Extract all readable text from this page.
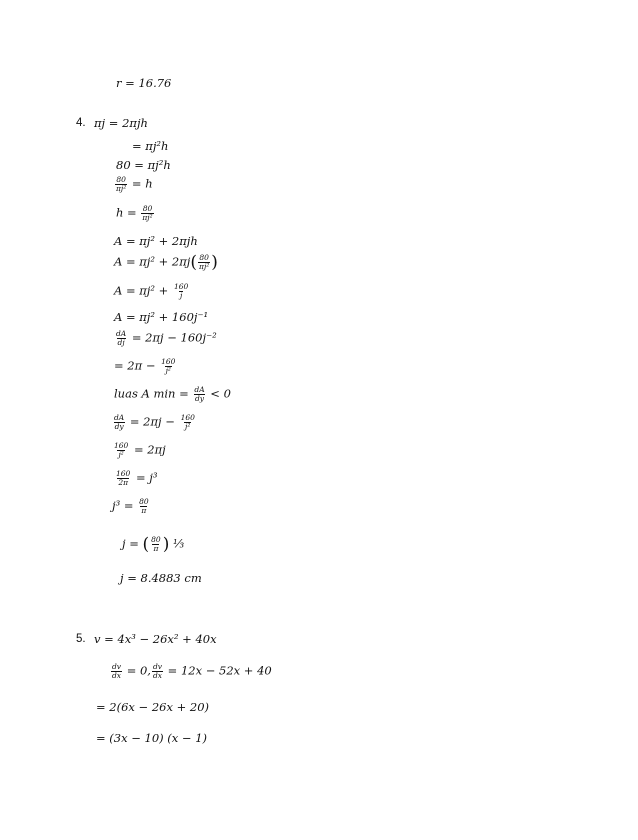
r = 16.76
4. πj = 2πjh
= πj²h
80 = πj²h
$\frac{80}{\text{πj²}} = h$
$h = \frac{80}{\text{πj²}}$
A = πj² + 2πjh
$A = \pi j^2 + 2\pi j( \frac{80}{\text{πj²}}$ )
$A = \pi j^2 + \frac{160}{j}$
A = πj² + 160j⁻¹
$\frac{dA}{dj} = 2\pi j - 160j^{-2}$
= $2\pi - \frac{160}{\text{j²}}$
luas A $\min = \frac{dA}{dy} < 0$
$\frac{dA}{dy} = 2\pi j - \frac{160}{\text{j²}}$
$\frac{160}{\text{j²}} = 2\pi j$
$\frac{160}{2\pi} = j^3$
$j^3 = \frac{80}{\pi}$
j = ( $\frac{80}{\pi}$ ) ⅓
j = 8.4883 cm
5. v = 4x³ − 26x² + 40x
$\frac{dv}{dx} = 0$, $\frac{dv}{dx} = 12x - 52x + 40$
= 2(6x − 26x + 20)
= (3x − 10) (x − 1)
